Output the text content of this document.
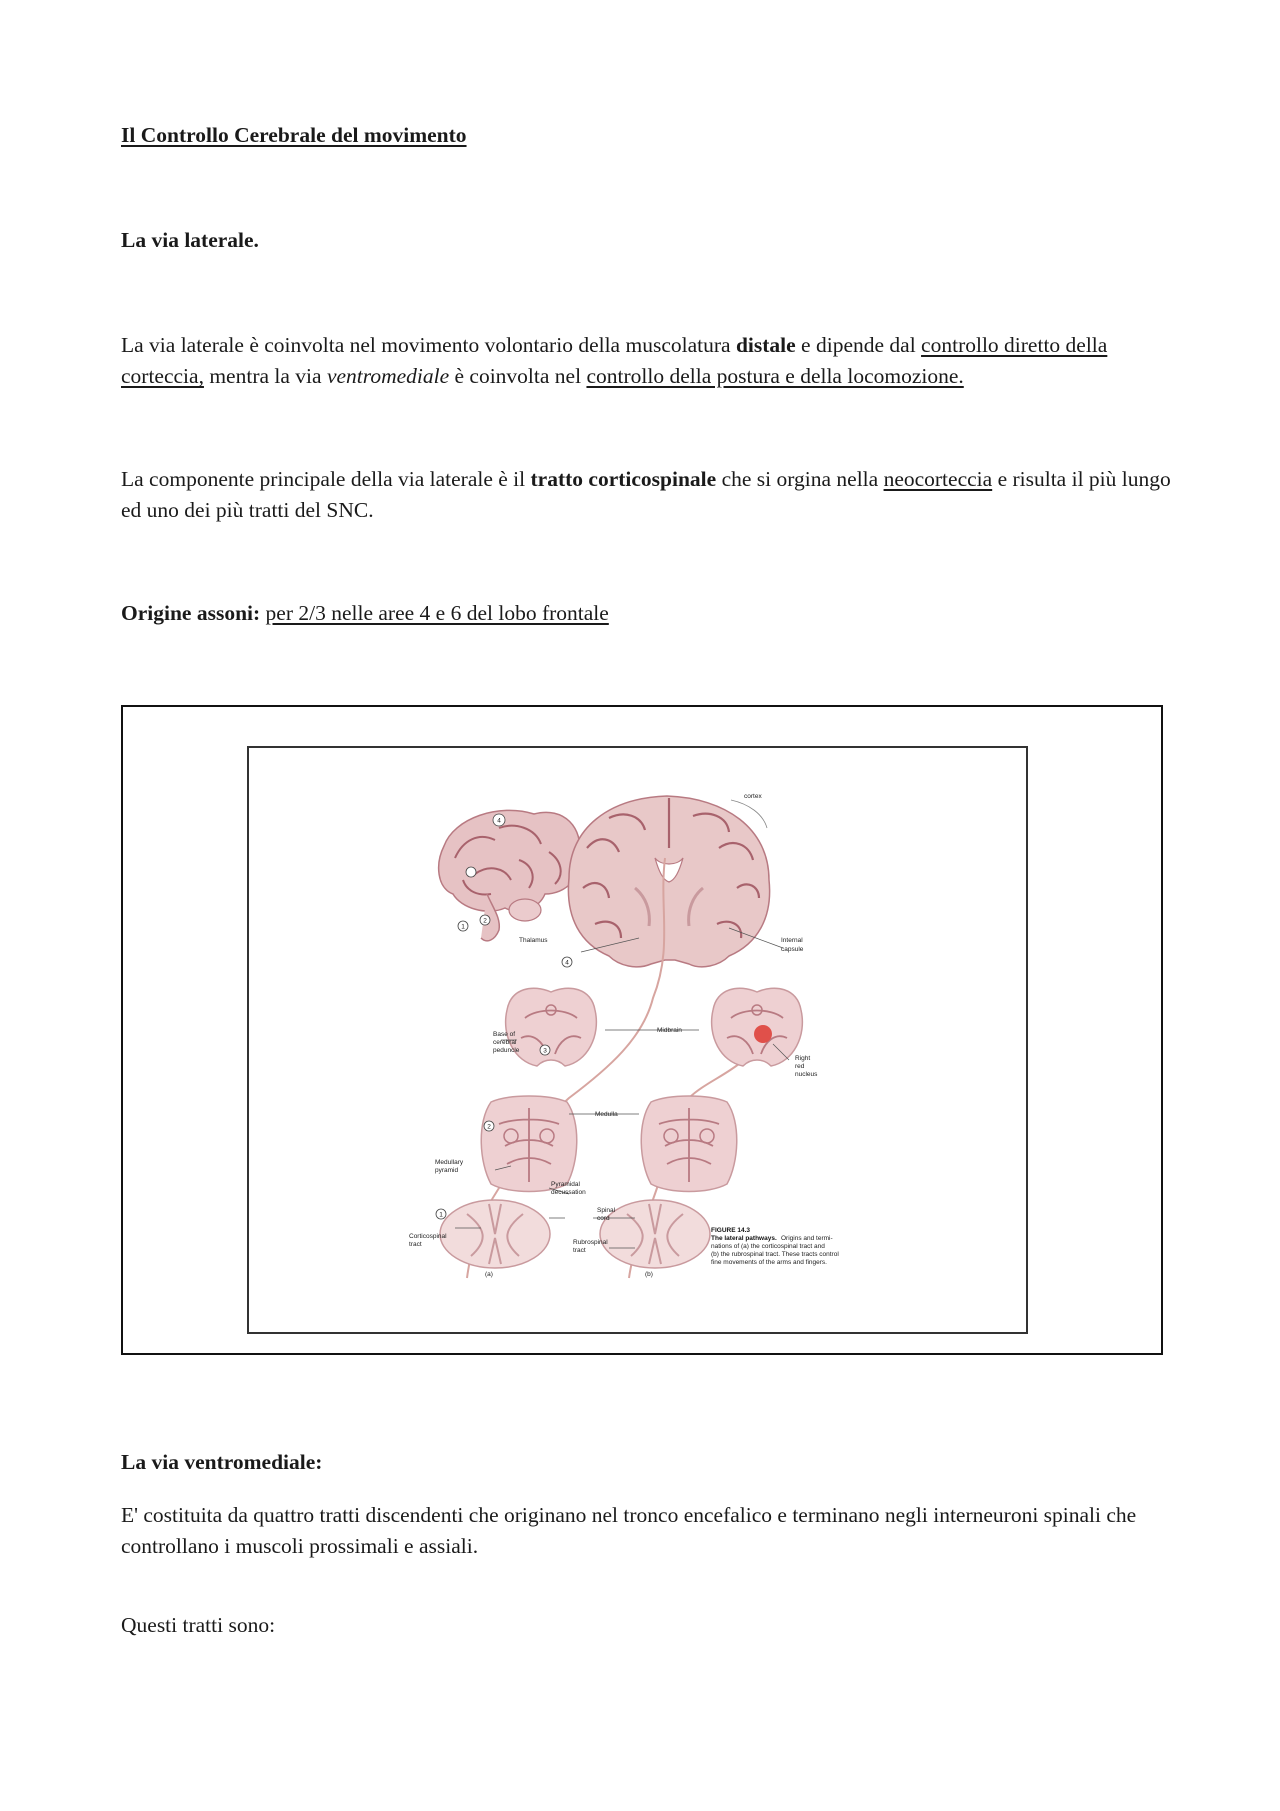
Il Controllo Cerebrale del movimento
La via laterale.
La via laterale è coinvolta nel movimento volontario della muscolatura distale e dipende dal controllo diretto della corteccia, mentra la via ventromediale è coinvolta nel controllo della postura e della locomozione.
La componente principale della via laterale è il tratto corticospinale che si orgina nella neocorteccia e risulta il più lungo ed uno dei più tratti del SNC.
Origine assoni: per 2/3 nelle aree 4 e 6 del lobo frontale
4
1
2
cortex
4
3
2
1
Thalamus	Internal
capsule
Base of
cerebral
peduncle
Midbrain
Right
red
nucleus
Medulla
Medullary
pyramid
Pyramidal
decussation
Spinal
cord
Corticospinal
tract	Rubrospinal
tract
(a)	(b)
FIGURE 14.3
The lateral pathways. Origins and termi-
nations of (a) the corticospinal tract and
(b) the rubrospinal tract. These tracts control
fine movements of the arms and fingers.
La via ventromediale:
E' costituita da quattro tratti discendenti che originano nel tronco encefalico e terminano negli interneuroni spinali che controllano i muscoli prossimali e assiali.
Questi tratti sono:
